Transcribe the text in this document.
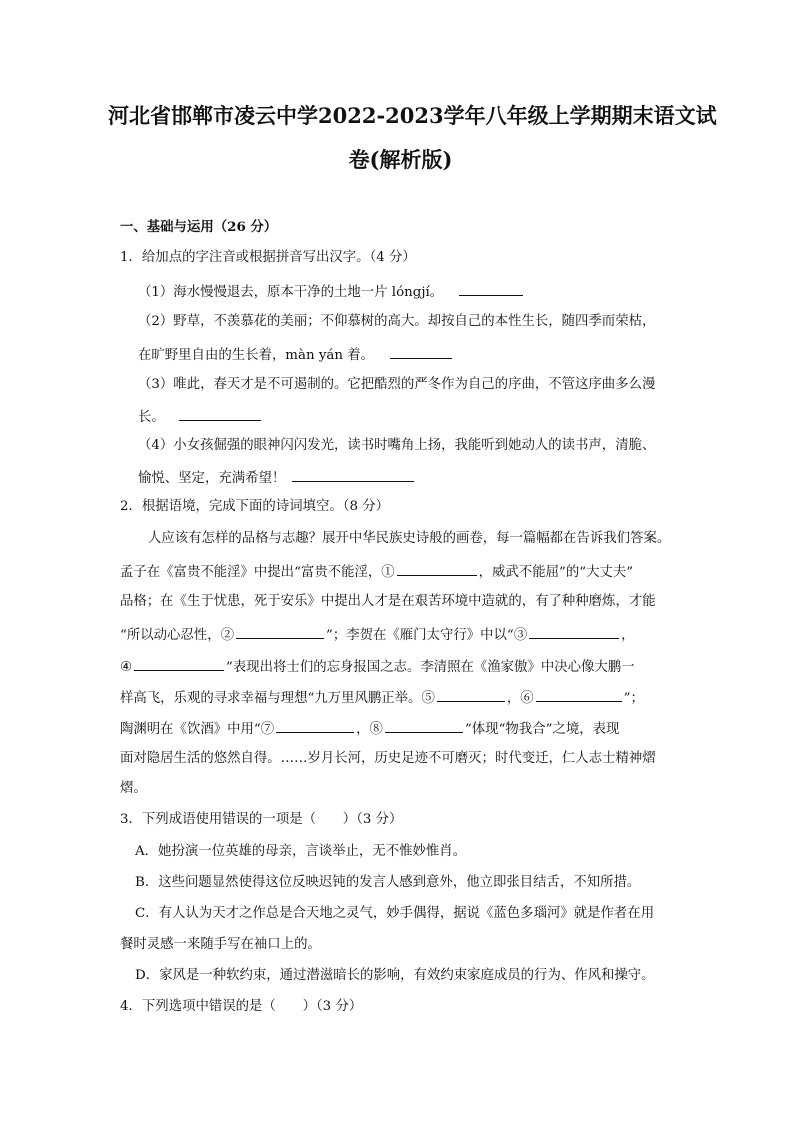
河北省邯郸市凌云中学2022-2023学年八年级上学期期末语文试
卷(解析版)
一、基础与运用（26 分）
1．给加点的字注音或根据拼音写出汉字。（4 分）
（1）海水慢慢退去，原本干净的土地一片 lóngjí。
（2）野草，不羡慕花的美丽；不仰慕树的高大。却按自己的本性生长，随四季而荣枯，
在旷野里自由的生长着，màn yán 着。
（3）唯此，春天才是不可遏制的。它把酷烈的严冬作为自己的序曲，不管这序曲多么漫
长。
（4）小女孩倔强的眼神闪闪发光，读书时嘴角上扬，我能听到她动人的读书声，清脆、
愉悦、坚定，充满希望！
2．根据语境，完成下面的诗词填空。（8 分）
人应该有怎样的品格与志趣？展开中华民族史诗般的画卷，每一篇幅都在告诉我们答案。
孟子在《富贵不能淫》中提出“富贵不能淫，①	，威武不能屈”的“大丈夫”
品格；在《生于忧患，死于安乐》中提出人才是在艰苦环境中造就的，有了种种磨炼，才能
“所以动心忍性，②	”；李贺在《雁门太守行》中以“③	，
④	”表现出将士们的忘身报国之志。李清照在《渔家傲》中决心像大鹏一
样高飞，乐观的寻求幸福与理想“九万里风鹏正举。⑤	，⑥	”；
陶渊明在《饮酒》中用“⑦	，⑧	”体现“物我合”之境，表现
面对隐居生活的悠然自得。……岁月长河，历史足迹不可磨灭；时代变迁，仁人志士精神熠
熠。
3．下列成语使用错误的一项是（　　）（3 分）
A．她扮演一位英雄的母亲，言谈举止，无不惟妙惟肖。
B．这些问题显然使得这位反映迟钝的发言人感到意外，他立即张目结舌，不知所措。
C．有人认为天才之作总是合天地之灵气，妙手偶得，据说《蓝色多瑙河》就是作者在用
餐时灵感一来随手写在袖口上的。
D．家风是一种软约束，通过潜滋暗长的影响，有效约束家庭成员的行为、作风和操守。
4．下列选项中错误的是（　　）（3 分）
